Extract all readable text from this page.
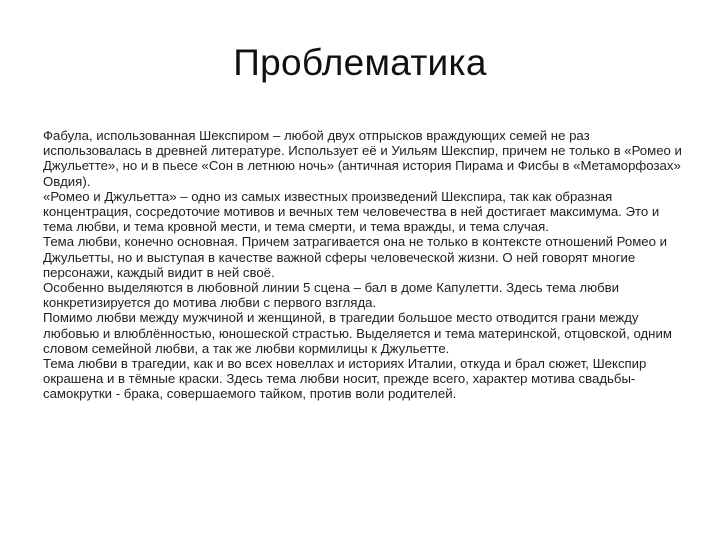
Проблематика

Фабула, использованная Шекспиром – любой двух отпрысков враждующих семей не раз использовалась в древней литературе. Использует её и Уильям Шекспир, причем не только в «Ромео и Джульетте», но и в пьесе «Сон в летнюю ночь» (античная история Пирама и Фисбы в «Метаморфозах» Овдия).

«Ромео и Джульетта» – одно из самых известных произведений Шекспира, так как образная концентрация, сосредоточие мотивов и вечных тем человечества в ней достигает максимума. Это и тема любви, и тема кровной мести, и тема смерти, и тема вражды, и тема случая.

Тема любви, конечно основная. Причем затрагивается она не только в контексте отношений Ромео и Джульетты, но и выступая в качестве важной сферы человеческой жизни. О ней говорят многие персонажи, каждый видит в ней своё.

Особенно выделяются в любовной линии 5 сцена – бал в доме Капулетти. Здесь тема любви конкретизируется до мотива любви с первого взгляда.

Помимо любви между мужчиной и женщиной, в трагедии большое место отводится грани между любовью и влюблённостью, юношеской страстью. Выделяется и тема материнской, отцовской, одним словом семейной любви, а так же любви кормилицы к Джульетте.

Тема любви в трагедии, как и во всех новеллах и историях Италии, откуда и брал сюжет, Шекспир окрашена и в тёмные краски. Здесь тема любви носит, прежде всего, характер мотива свадьбы-самокрутки - брака, совершаемого тайком, против воли родителей.
